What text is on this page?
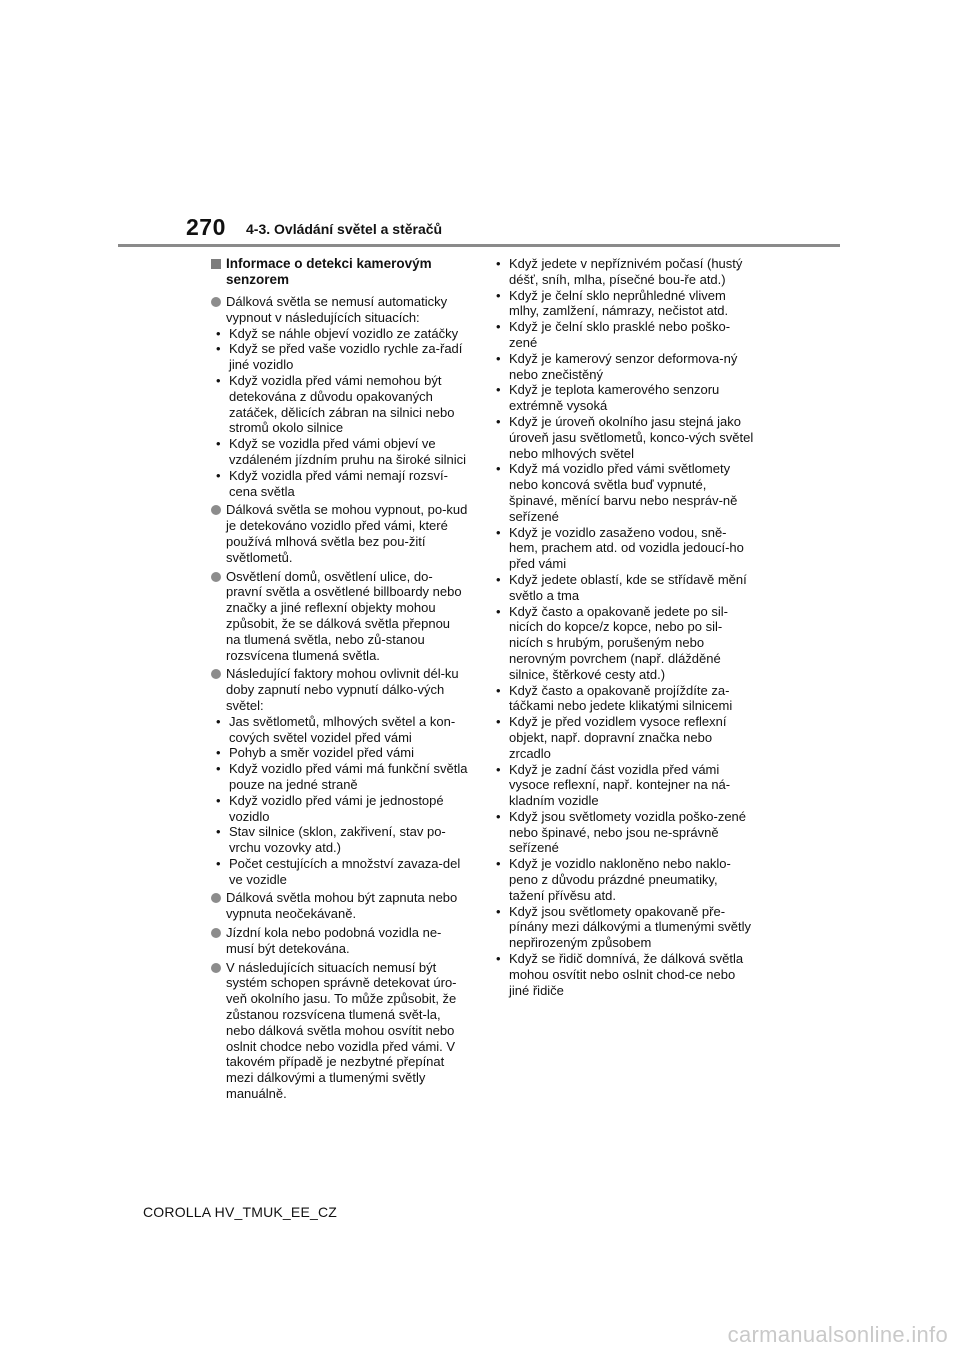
270 4-3. Ovládání světel a stěračů
Informace o detekci kamerovým senzorem
Dálková světla se nemusí automaticky vypnout v následujících situacích:
• Když se náhle objeví vozidlo ze zatáčky
• Když se před vaše vozidlo rychle za-řadí jiné vozidlo
• Když vozidla před vámi nemohou být detekována z důvodu opakovaných zatáček, dělicích zábran na silnici nebo stromů okolo silnice
• Když se vozidla před vámi objeví ve vzdáleném jízdním pruhu na široké silnici
• Když vozidla před vámi nemají rozsví-cena světla
Dálková světla se mohou vypnout, po-kud je detekováno vozidlo před vámi, které používá mlhová světla bez pou-žití světlometů.
Osvětlení domů, osvětlení ulice, do-pravní světla a osvětlené billboardy nebo značky a jiné reflexní objekty mohou způsobit, že se dálková světla přepnou na tlumená světla, nebo zů-stanou rozsvícena tlumená světla.
Následující faktory mohou ovlivnit dél-ku doby zapnutí nebo vypnutí dálko-vých světel:
• Jas světlometů, mlhových světel a kon-cových světel vozidel před vámi
• Pohyb a směr vozidel před vámi
• Když vozidlo před vámi má funkční světla pouze na jedné straně
• Když vozidlo před vámi je jednostopé vozidlo
• Stav silnice (sklon, zakřivení, stav po-vrchu vozovky atd.)
• Počet cestujících a množství zavaza-del ve vozidle
Dálková světla mohou být zapnuta nebo vypnuta neočekávaně.
Jízdní kola nebo podobná vozidla ne-musí být detekována.
V následujících situacích nemusí být systém schopen správně detekovat úro-veň okolního jasu. To může způsobit, že zůstanou rozsvícena tlumená svět-la, nebo dálková světla mohou osvítit nebo oslnit chodce nebo vozidla před vámi. V takovém případě je nezbytné přepínat mezi dálkovými a tlumenými světly manuálně.
• Když jedete v nepříznivém počasí (hustý déšť, sníh, mlha, písečné bou-ře atd.)
• Když je čelní sklo neprůhledné vlivem mlhy, zamlžení, námrazy, nečistot atd.
• Když je čelní sklo prasklé nebo poško-zené
• Když je kamerový senzor deformova-ný nebo znečistěný
• Když je teplota kamerového senzoru extrémně vysoká
• Když je úroveň okolního jasu stejná jako úroveň jasu světlometů, konco-vých světel nebo mlhových světel
• Když má vozidlo před vámi světlomety nebo koncová světla buď vypnuté, špinavé, měnící barvu nebo nespráv-ně seřízené
• Když je vozidlo zasaženo vodou, sně-hem, prachem atd. od vozidla jedoucí-ho před vámi
• Když jedete oblastí, kde se střídavě mění světlo a tma
• Když často a opakovaně jedete po sil-nicích do kopce/z kopce, nebo po sil-nicích s hrubým, porušeným nebo nerovným povrchem (např. dlážděné silnice, štěrkové cesty atd.)
• Když často a opakovaně projíždíte za-táčkami nebo jedete klikatými silnicemi
• Když je před vozidlem vysoce reflexní objekt, např. dopravní značka nebo zrcadlo
• Když je zadní část vozidla před vámi vysoce reflexní, např. kontejner na ná-kladním vozidle
• Když jsou světlomety vozidla poško-zené nebo špinavé, nebo jsou ne-správně seřízené
• Když je vozidlo nakloněno nebo naklo-peno z důvodu prázdné pneumatiky, tažení přívěsu atd.
• Když jsou světlomety opakovaně pře-pínány mezi dálkovými a tlumenými světly nepřirozeným způsobem
• Když se řidič domnívá, že dálková světla mohou osvítit nebo oslnit chod-ce nebo jiné řidiče
COROLLA HV_TMUK_EE_CZ
carmanualsonline.info
